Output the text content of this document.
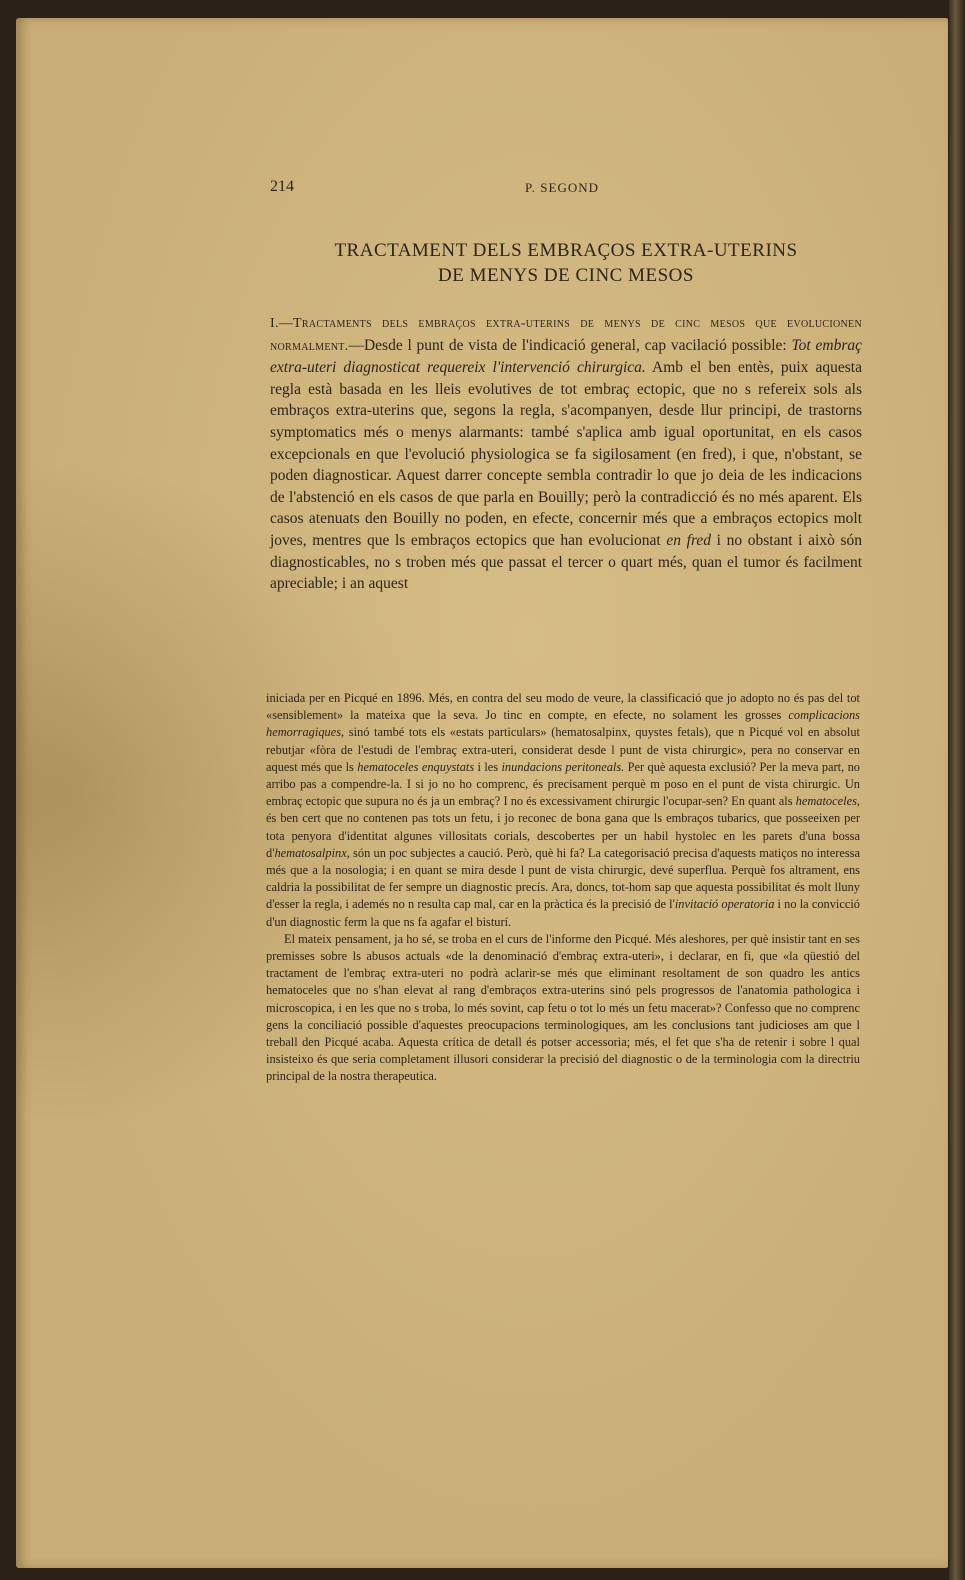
214	P. SEGOND
TRACTAMENT DELS EMBRAÇOS EXTRA-UTERINS
DE MENYS DE CINC MESOS
I.—Tractaments dels embraços extra-uterins de menys de cinc mesos que evolucionen normalment.—Desde l punt de vista de l'indicació general, cap vacilació possible: Tot embraç extra-uteri diagnosticat requereix l'intervenció chirurgica. Amb el ben entès, puix aquesta regla està basada en les lleis evolutives de tot embraç ectopic, que no s refereix sols als embraços extra-uterins que, segons la regla, s'acompanyen, desde llur principi, de trastorns symptomatics més o menys alarmants: també s'aplica amb igual oportunitat, en els casos excepcionals en que l'evolució physiologica se fa sigilosament (en fred), i que, n'obstant, se poden diagnosticar. Aquest darrer concepte sembla contradir lo que jo deia de les indicacions de l'abstenció en els casos de que parla en Bouilly; però la contradicció és no més aparent. Els casos atenuats den Bouilly no poden, en efecte, concernir més que a embraços ectopics molt joves, mentres que ls embraços ectopics que han evolucionat en fred i no obstant i això són diagnosticables, no s troben més que passat el tercer o quart més, quan el tumor és facilment apreciable; i an aquest

iniciada per en Picqué en 1896. Més, en contra del seu modo de veure, la classificació que jo adopto no és pas del tot «sensiblement» la mateixa que la seva. Jo tinc en compte, en efecte, no solament les grosses complicacions hemorragiques, sinó també tots els «estats particulars» (hematosalpinx, quystes fetals), que n Picqué vol en absolut rebutjar «fòra de l'estudi de l'embraç extra-uteri, considerat desde l punt de vista chirurgic», pera no conservar en aquest més que ls hematoceles enquystats i les inundacions peritoneals. Per què aquesta exclusió? Per la meva part, no arribo pas a compendre-la. I si jo no ho comprenc, és precisament perquè m poso en el punt de vista chirurgic. Un embraç ectopic que supura no és ja un embraç? I no és excessivament chirurgic l'ocupar-sen? En quant als hematoceles, és ben cert que no contenen pas tots un fetu, i jo reconec de bona gana que ls embraços tubarics, que posseeixen per tota penyora d'identitat algunes villositats corials, descobertes per un habil hystolec en les parets d'una bossa d'hematosalpinx, són un poc subjectes a caució. Però, què hi fa? La categorisació precisa d'aquests matiços no interessa més que a la nosologia; i en quant se mira desde l punt de vista chirurgic, devé superflua. Perquè fos altrament, ens caldria la possibilitat de fer sempre un diagnostic precís. Ara, doncs, tot-hom sap que aquesta possibilitat és molt lluny d'esser la regla, i ademés no n resulta cap mal, car en la pràctica és la precisió de l'invitació operatoria i no la convicció d'un diagnostic ferm la que ns fa agafar el bisturí.

El mateix pensament, ja ho sé, se troba en el curs de l'informe den Picqué. Més aleshores, per què insistir tant en ses premisses sobre ls abusos actuals «de la denominació d'embraç extra-uteri», i declarar, en fi, que «la qüestió del tractament de l'embraç extra-uteri no podrà aclarir-se més que eliminant resoltament de son quadro les antics hematoceles que no s'han elevat al rang d'embraços extra-uterins sinó pels progressos de l'anatomia pathologica i microscopica, i en les que no s troba, lo més sovint, cap fetu o tot lo més un fetu macerat»? Confesso que no comprenc gens la conciliació possible d'aquestes preocupacions terminologiques, am les conclusions tant judicioses am que l treball den Picqué acaba. Aquesta crítica de detall és potser accessoria; més, el fet que s'ha de retenir i sobre l qual insisteixo és que seria completament illusori considerar la precisió del diagnostic o de la terminologia com la directriu principal de la nostra therapeutica.
